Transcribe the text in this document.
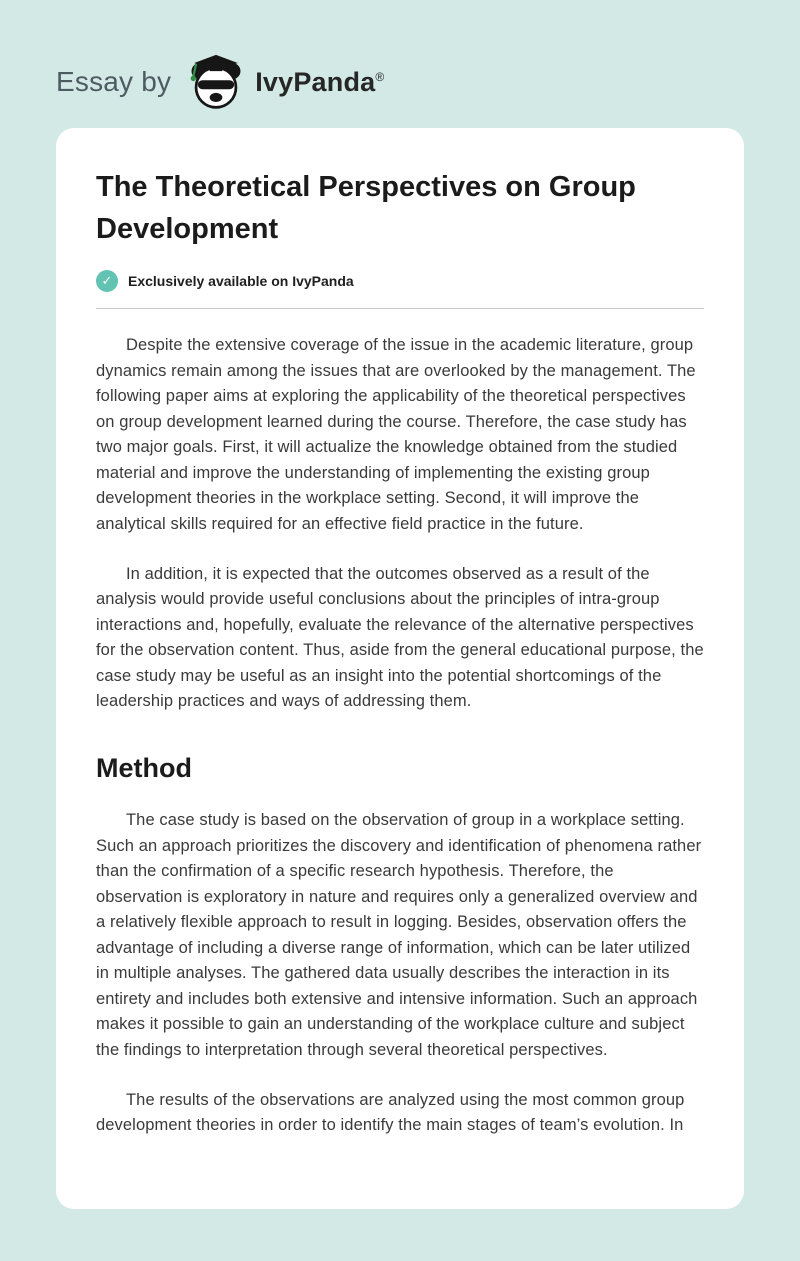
Essay by	IvyPanda®
The Theoretical Perspectives on Group Development
✓	Exclusively available on IvyPanda

Despite the extensive coverage of the issue in the academic literature, group dynamics remain among the issues that are overlooked by the management. The following paper aims at exploring the applicability of the theoretical perspectives on group development learned during the course. Therefore, the case study has two major goals. First, it will actualize the knowledge obtained from the studied material and improve the understanding of implementing the existing group development theories in the workplace setting. Second, it will improve the analytical skills required for an effective field practice in the future.

In addition, it is expected that the outcomes observed as a result of the analysis would provide useful conclusions about the principles of intra-group interactions and, hopefully, evaluate the relevance of the alternative perspectives for the observation content. Thus, aside from the general educational purpose, the case study may be useful as an insight into the potential shortcomings of the leadership practices and ways of addressing them.

Method

The case study is based on the observation of group in a workplace setting. Such an approach prioritizes the discovery and identification of phenomena rather than the confirmation of a specific research hypothesis. Therefore, the observation is exploratory in nature and requires only a generalized overview and a relatively flexible approach to result in logging. Besides, observation offers the advantage of including a diverse range of information, which can be later utilized in multiple analyses. The gathered data usually describes the interaction in its entirety and includes both extensive and intensive information. Such an approach makes it possible to gain an understanding of the workplace culture and subject the findings to interpretation through several theoretical perspectives.

The results of the observations are analyzed using the most common group development theories in order to identify the main stages of team’s evolution. In
